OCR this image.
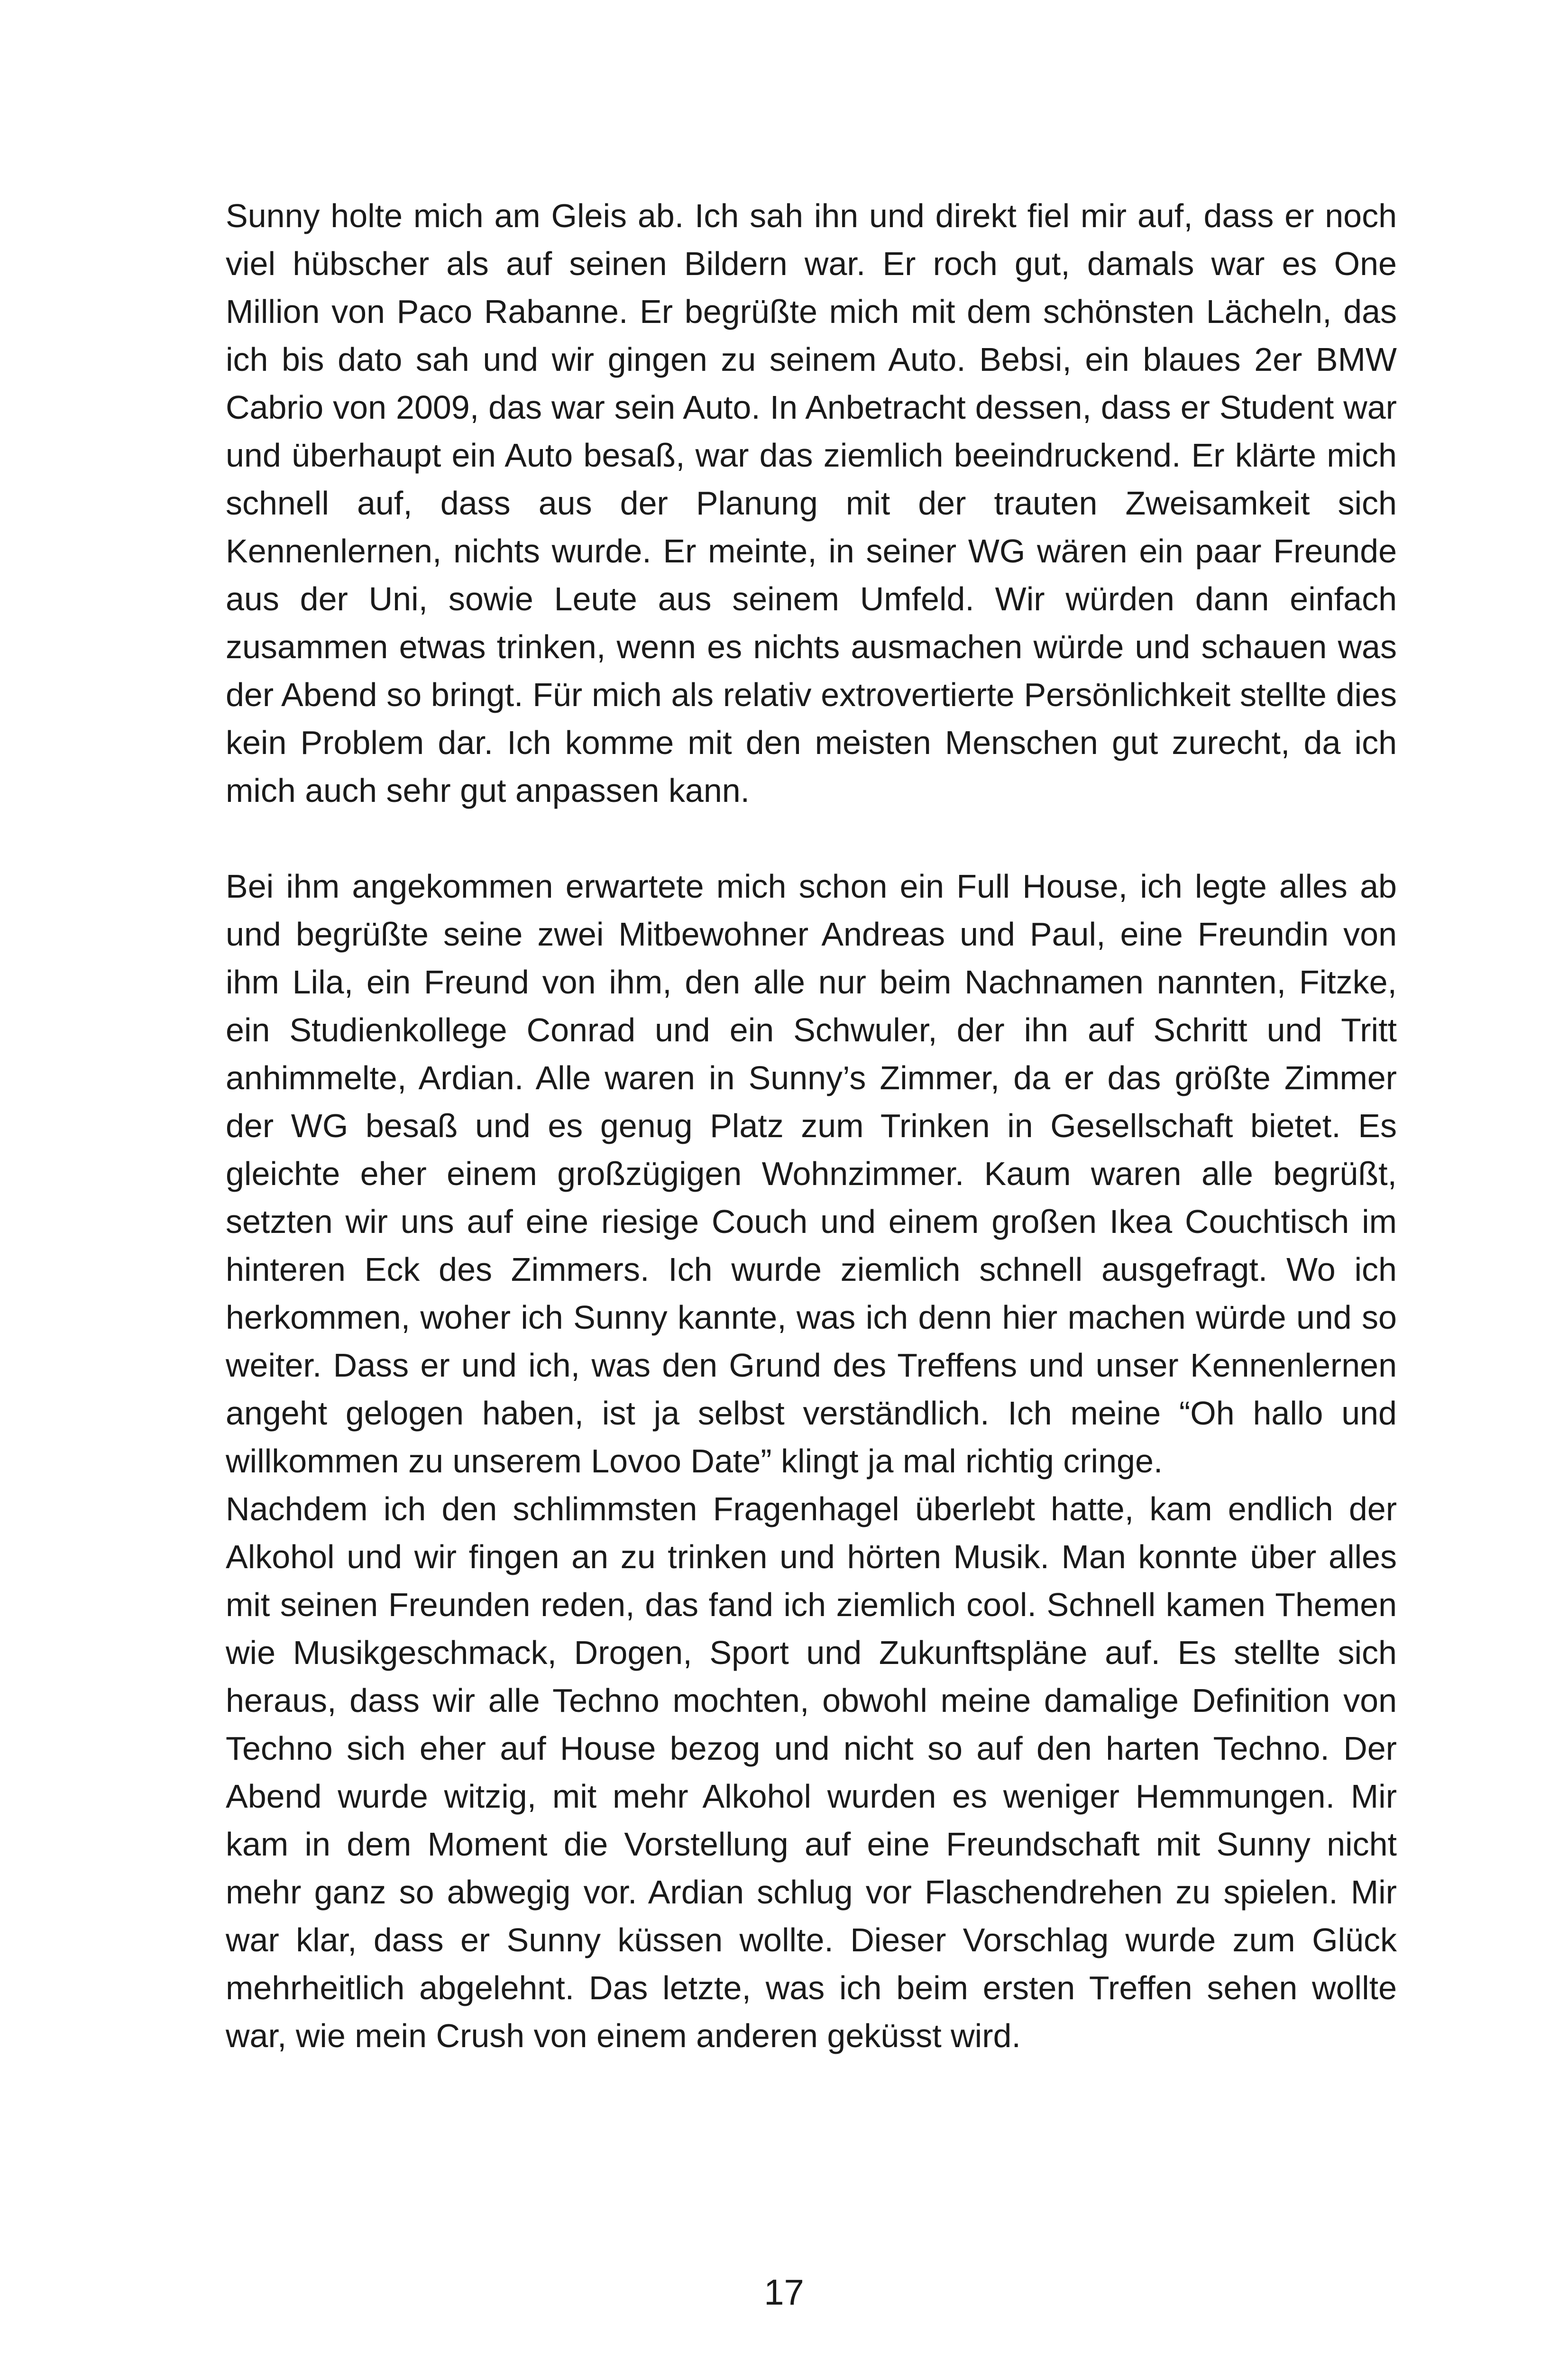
Sunny holte mich am Gleis ab. Ich sah ihn und direkt fiel mir auf, dass er noch viel hübscher als auf seinen Bildern war. Er roch gut, damals war es One Million von Paco Rabanne. Er begrüßte mich mit dem schönsten Lächeln, das ich bis dato sah und wir gingen zu seinem Auto. Bebsi, ein blaues 2er BMW Cabrio von 2009, das war sein Auto. In Anbetracht dessen, dass er Student war und überhaupt ein Auto besaß, war das ziemlich beeindruckend. Er klärte mich schnell auf, dass aus der Planung mit der trauten Zweisamkeit sich Kennenlernen, nichts wurde. Er meinte, in seiner WG wären ein paar Freunde aus der Uni, sowie Leute aus seinem Umfeld. Wir würden dann einfach zusammen etwas trinken, wenn es nichts ausmachen würde und schauen was der Abend so bringt. Für mich als relativ extrovertierte Persönlichkeit stellte dies kein Problem dar. Ich komme mit den meisten Menschen gut zurecht, da ich mich auch sehr gut anpassen kann.

Bei ihm angekommen erwartete mich schon ein Full House, ich legte alles ab und begrüßte seine zwei Mitbewohner Andreas und Paul, eine Freundin von ihm Lila, ein Freund von ihm, den alle nur beim Nachnamen nannten, Fitzke, ein Studienkollege Conrad und ein Schwuler, der ihn auf Schritt und Tritt anhimmelte, Ardian. Alle waren in Sunny’s Zimmer, da er das größte Zimmer der WG besaß und es genug Platz zum Trinken in Gesellschaft bietet. Es gleichte eher einem großzügigen Wohnzimmer. Kaum waren alle begrüßt, setzten wir uns auf eine riesige Couch und einem großen Ikea Couchtisch im hinteren Eck des Zimmers. Ich wurde ziemlich schnell ausgefragt. Wo ich herkommen, woher ich Sunny kannte, was ich denn hier machen würde und so weiter. Dass er und ich, was den Grund des Treffens und unser Kennenlernen angeht gelogen haben, ist ja selbst verständlich. Ich meine “Oh hallo und willkommen zu unserem Lovoo Date” klingt ja mal richtig cringe.

Nachdem ich den schlimmsten Fragenhagel überlebt hatte, kam endlich der Alkohol und wir fingen an zu trinken und hörten Musik. Man konnte über alles mit seinen Freunden reden, das fand ich ziemlich cool. Schnell kamen Themen wie Musikgeschmack, Drogen, Sport und Zukunftspläne auf. Es stellte sich heraus, dass wir alle Techno mochten, obwohl meine damalige Definition von Techno sich eher auf House bezog und nicht so auf den harten Techno. Der Abend wurde witzig, mit mehr Alkohol wurden es weniger Hemmungen. Mir kam in dem Moment die Vorstellung auf eine Freundschaft mit Sunny nicht mehr ganz so abwegig vor. Ardian schlug vor Flaschendrehen zu spielen. Mir war klar, dass er Sunny küssen wollte. Dieser Vorschlag wurde zum Glück mehrheitlich abgelehnt. Das letzte, was ich beim ersten Treffen sehen wollte war, wie mein Crush von einem anderen geküsst wird.

17
